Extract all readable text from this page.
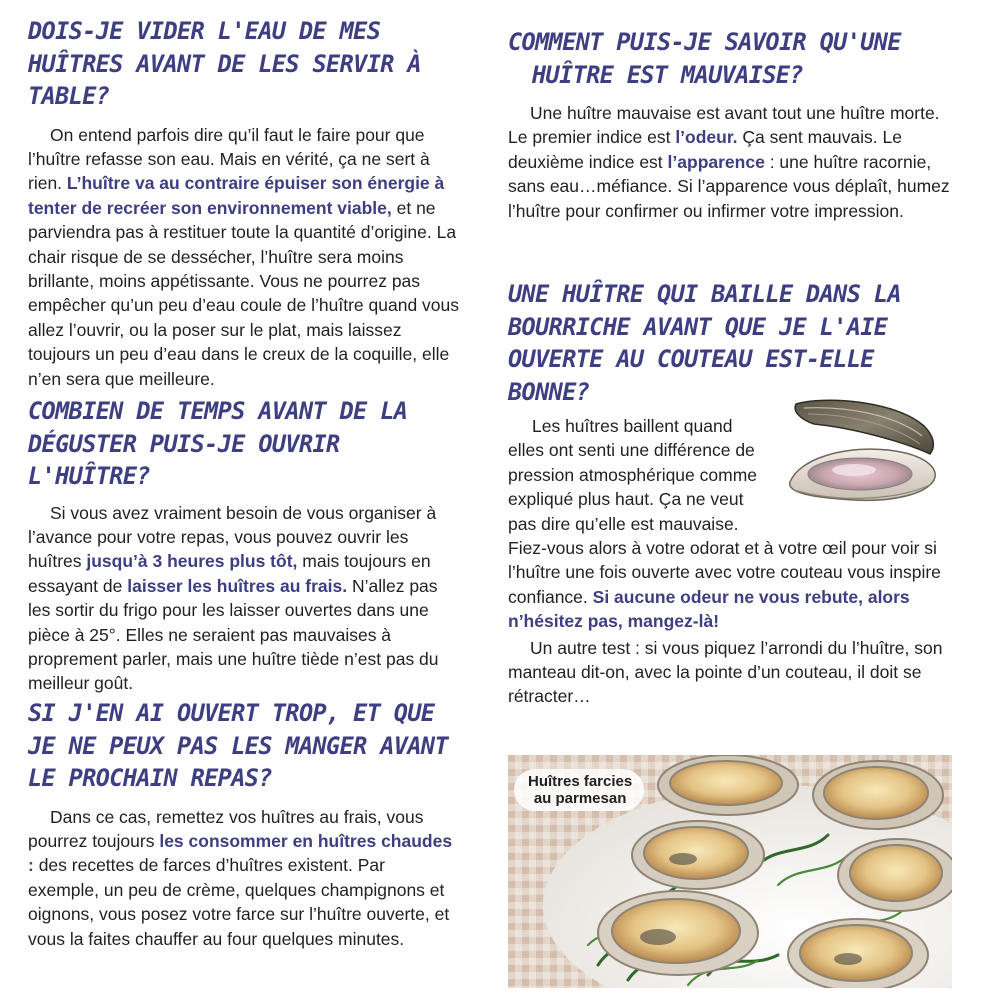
DOIS-JE VIDER L'EAU DE MES HUÎTRES AVANT DE LES SERVIR À TABLE?

On entend parfois dire qu’il faut le faire pour que l’huître refasse son eau. Mais en vérité, ça ne sert à rien. L’huître va au contraire épuiser son énergie à tenter de recréer son environnement viable, et ne parviendra pas à restituer toute la quantité d’origine. La chair risque de se dessécher, l’huître sera moins brillante, moins appétissante. Vous ne pourrez pas empêcher qu’un peu d’eau coule de l’huître quand vous allez l’ouvrir, ou la poser sur le plat, mais laissez toujours un peu d’eau dans le creux de la coquille, elle n’en sera que meilleure.

COMBIEN DE TEMPS AVANT DE LA DÉGUSTER PUIS-JE OUVRIR L'HUÎTRE?

Si vous avez vraiment besoin de vous organiser à l’avance pour votre repas, vous pouvez ouvrir les huîtres jusqu’à 3 heures plus tôt, mais toujours en essayant de laisser les huîtres au frais. N’allez pas les sortir du frigo pour les laisser ouvertes dans une pièce à 25°. Elles ne seraient pas mauvaises à proprement parler, mais une huître tiède n’est pas du meilleur goût.

SI J'EN AI OUVERT TROP, ET QUE JE NE PEUX PAS LES MANGER AVANT LE PROCHAIN REPAS?

Dans ce cas, remettez vos huîtres au frais, vous pourrez toujours les consommer en huîtres chaudes : des recettes de farces d’huîtres existent. Par exemple, un peu de crème, quelques champignons et oignons, vous posez votre farce sur l’huître ouverte, et vous la faites chauffer au four quelques minutes.

COMMENT PUIS-JE SAVOIR QU'UNE HUÎTRE EST MAUVAISE?

Une huître mauvaise est avant tout une huître morte. Le premier indice est l’odeur. Ça sent mauvais. Le deuxième indice est l’apparence : une huître racornie, sans eau…méfiance. Si l’apparence vous déplaît, humez l’huître pour confirmer ou infirmer votre impression.

UNE HUÎTRE QUI BAILLE DANS LA BOURRICHE AVANT QUE JE L'AIE OUVERTE AU COUTEAU EST-ELLE BONNE?
Les huîtres baillent quand
elles ont senti une différence de
pression atmosphérique comme
expliqué plus haut. Ça ne veut
pas dire qu’elle est mauvaise.

Fiez-vous alors à votre odorat et à votre œil pour voir si l’huître une fois ouverte avec votre couteau vous inspire confiance. Si aucune odeur ne vous rebute, alors n’hésitez pas, mangez-là!

Un autre test : si vous piquez l’arrondi du l’huître, son manteau dit-on, avec la pointe d’un couteau, il doit se rétracter…

Huîtres farcies
au parmesan
